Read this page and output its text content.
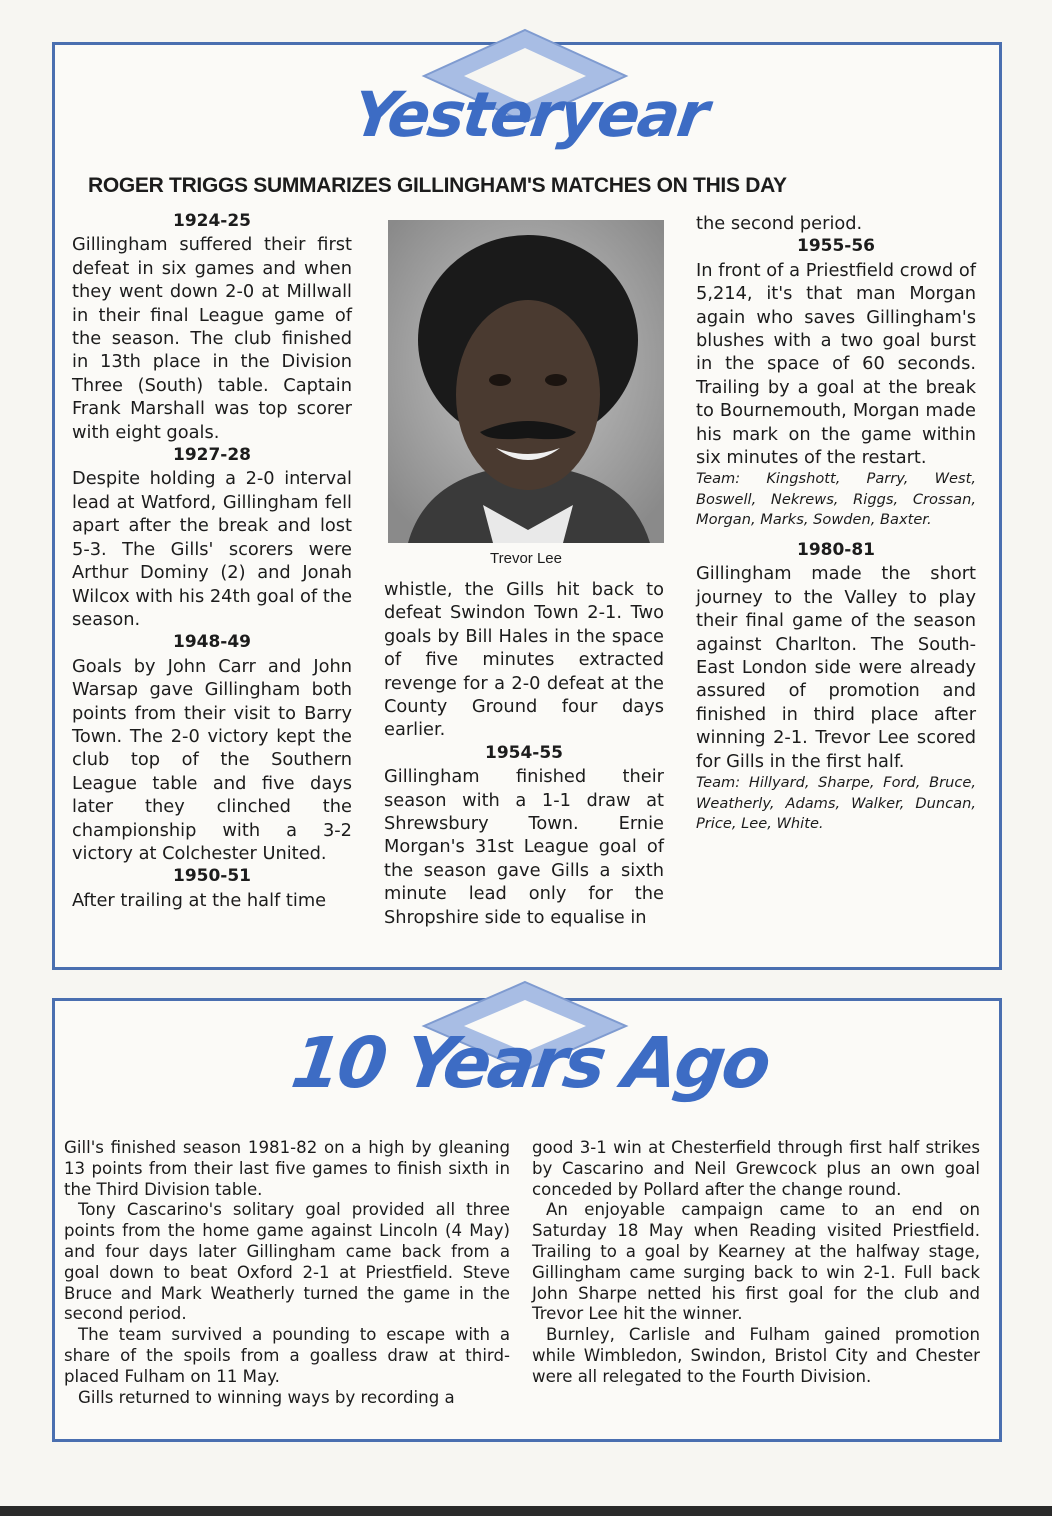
Yesteryear
ROGER TRIGGS SUMMARIZES GILLINGHAM'S MATCHES ON THIS DAY

1924-25

Gillingham suffered their first defeat in six games and when they went down 2-0 at Millwall in their final League game of the season. The club finished in 13th place in the Division Three (South) table. Captain Frank Marshall was top scorer with eight goals.

1927-28

Despite holding a 2-0 interval lead at Watford, Gillingham fell apart after the break and lost 5-3. The Gills' scorers were Arthur Dominy (2) and Jonah Wilcox with his 24th goal of the season.

1948-49

Goals by John Carr and John Warsap gave Gillingham both points from their visit to Barry Town. The 2-0 victory kept the club top of the Southern League table and five days later they clinched the championship with a 3-2 victory at Colchester United.

1950-51

After trailing at the half time

Trevor Lee

whistle, the Gills hit back to defeat Swindon Town 2-1. Two goals by Bill Hales in the space of five minutes extracted revenge for a 2-0 defeat at the County Ground four days earlier.

1954-55

Gillingham finished their season with a 1-1 draw at Shrewsbury Town. Ernie Morgan's 31st League goal of the season gave Gills a sixth minute lead only for the Shropshire side to equalise in

the second period.

1955-56

In front of a Priestfield crowd of 5,214, it's that man Morgan again who saves Gillingham's blushes with a two goal burst in the space of 60 seconds. Trailing by a goal at the break to Bournemouth, Morgan made his mark on the game within six minutes of the restart.

Team: Kingshott, Parry, West, Boswell, Nekrews, Riggs, Crossan, Morgan, Marks, Sowden, Baxter.

1980-81

Gillingham made the short journey to the Valley to play their final game of the season against Charlton. The South-East London side were already assured of promotion and finished in third place after winning 2-1. Trevor Lee scored for Gills in the first half.

Team: Hillyard, Sharpe, Ford, Bruce, Weatherly, Adams, Walker, Duncan, Price, Lee, White.

10 Years Ago

Gill's finished season 1981-82 on a high by gleaning 13 points from their last five games to finish sixth in the Third Division table.

Tony Cascarino's solitary goal provided all three points from the home game against Lincoln (4 May) and four days later Gillingham came back from a goal down to beat Oxford 2-1 at Priestfield. Steve Bruce and Mark Weatherly turned the game in the second period.

The team survived a pounding to escape with a share of the spoils from a goalless draw at third-placed Fulham on 11 May.

Gills returned to winning ways by recording a

good 3-1 win at Chesterfield through first half strikes by Cascarino and Neil Grewcock plus an own goal conceded by Pollard after the change round.

An enjoyable campaign came to an end on Saturday 18 May when Reading visited Priestfield. Trailing to a goal by Kearney at the halfway stage, Gillingham came surging back to win 2-1. Full back John Sharpe netted his first goal for the club and Trevor Lee hit the winner.

Burnley, Carlisle and Fulham gained promotion while Wimbledon, Swindon, Bristol City and Chester were all relegated to the Fourth Division.
